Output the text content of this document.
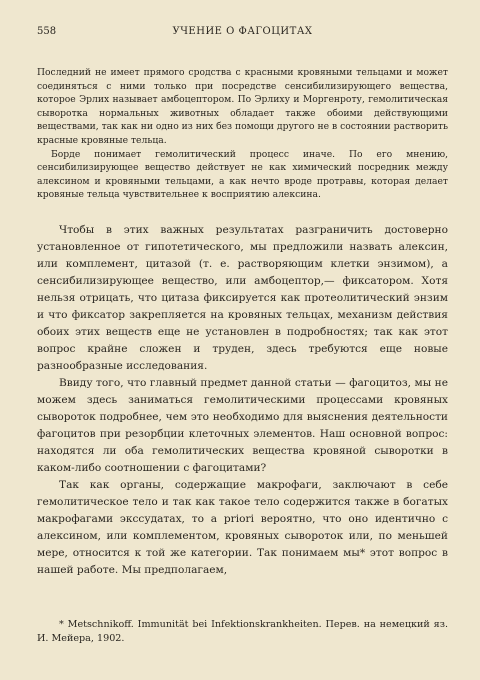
558	УЧЕНИЕ О ФАГОЦИТАХ

Последний не имеет прямого сродства с красными кровяными тельцами и может соединяться с ними только при посредстве сенсибилизирующего вещества, которое Эрлих называет амбоцептором. По Эрлиху и Моргенроту, гемолитическая сыворотка нормальных животных обладает также обоими действующими веществами, так как ни одно из них без помощи другого не в состоянии растворить красные кровяные тельца.

Борде понимает гемолитический процесс иначе. По его мнению, сенсибилизирующее вещество действует не как химический посредник между алексином и кровяными тельцами, а как нечто вроде протравы, которая делает кровяные тельца чувствительнее к восприятию алексина.

Чтобы в этих важных результатах разграничить достоверно установленное от гипотетического, мы предложили назвать алексин, или комплемент, цитазой (т. е. растворяющим клетки энзимом), а сенсибилизирующее вещество, или амбоцептор,— фиксатором. Хотя нельзя отрицать, что цитаза фиксируется как протеолитический энзим и что фиксатор закрепляется на кровяных тельцах, механизм действия обоих этих веществ еще не установлен в подробностях; так как этот вопрос крайне сложен и труден, здесь требуются еще новые разнообразные исследования.

Ввиду того, что главный предмет данной статьи — фагоцитоз, мы не можем здесь заниматься гемолитическими процессами кровяных сывороток подробнее, чем это необходимо для выяснения деятельности фагоцитов при резорбции клеточных элементов. Наш основной вопрос: находятся ли оба гемолитических вещества кровяной сыворотки в каком-либо соотношении с фагоцитами?

Так как органы, содержащие макрофаги, заключают в себе гемолитическое тело и так как такое тело содержится также в богатых макрофагами экссудатах, то a priori вероятно, что оно идентично с алексином, или комплементом, кровяных сывороток или, по меньшей мере, относится к той же категории. Так понимаем мы* этот вопрос в нашей работе. Мы предполагаем,

* Metschnikoff. Immunität bei Infektionskrankheiten. Перев. на немецкий яз. И. Мейера, 1902.
